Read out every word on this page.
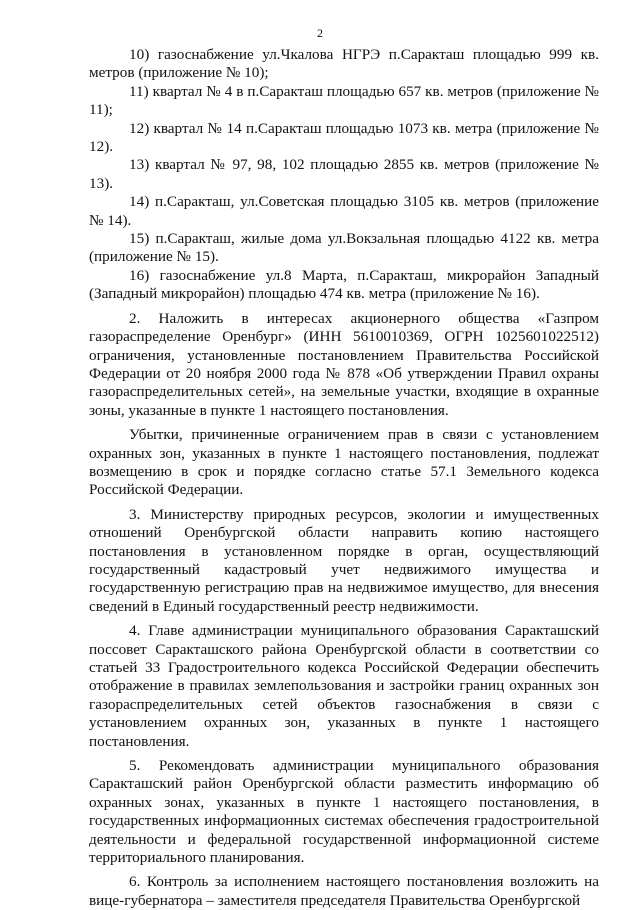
2

10) газоснабжение ул.Чкалова НГРЭ п.Саракташ площадью 999 кв. метров (приложение № 10);

11) квартал № 4 в п.Саракташ площадью 657 кв. метров (приложение № 11);

12) квартал № 14 п.Саракташ площадью 1073 кв. метра (приложение № 12).

13) квартал № 97, 98, 102 площадью 2855 кв. метров (приложение № 13).

14) п.Саракташ, ул.Советская площадью 3105 кв. метров (приложение № 14).

15) п.Саракташ, жилые дома ул.Вокзальная площадью 4122 кв. метра (приложение № 15).

16) газоснабжение ул.8 Марта, п.Саракташ, микрорайон Западный (Западный микрорайон) площадью 474 кв. метра (приложение № 16).

2. Наложить в интересах акционерного общества «Газпром газораспределение Оренбург» (ИНН 5610010369, ОГРН 1025601022512) ограничения, установленные постановлением Правительства Российской Федерации от 20 ноября 2000 года № 878 «Об утверждении Правил охраны газораспределительных сетей», на земельные участки, входящие в охранные зоны, указанные в пункте 1 настоящего постановления.

Убытки, причиненные ограничением прав в связи с установлением охранных зон, указанных в пункте 1 настоящего постановления, подлежат возмещению в срок и порядке согласно статье 57.1 Земельного кодекса Российской Федерации.

3. Министерству природных ресурсов, экологии и имущественных отношений Оренбургской области направить копию настоящего постановления в установленном порядке в орган, осуществляющий государственный кадастровый учет недвижимого имущества и государственную регистрацию прав на недвижимое имущество, для внесения сведений в Единый государственный реестр недвижимости.

4. Главе администрации муниципального образования Саракташский поссовет Саракташского района Оренбургской области в соответствии со статьей 33 Градостроительного кодекса Российской Федерации обеспечить отображение в правилах землепользования и застройки границ охранных зон газораспределительных сетей объектов газоснабжения в связи с установлением охранных зон, указанных в пункте 1 настоящего постановления.

5. Рекомендовать администрации муниципального образования Саракташский район Оренбургской области разместить информацию об охранных зонах, указанных в пункте 1 настоящего постановления, в государственных информационных системах обеспечения градостроительной деятельности и федеральной государственной информационной системе территориального планирования.

6. Контроль за исполнением настоящего постановления возложить на вице-губернатора – заместителя председателя Правительства Оренбургской
